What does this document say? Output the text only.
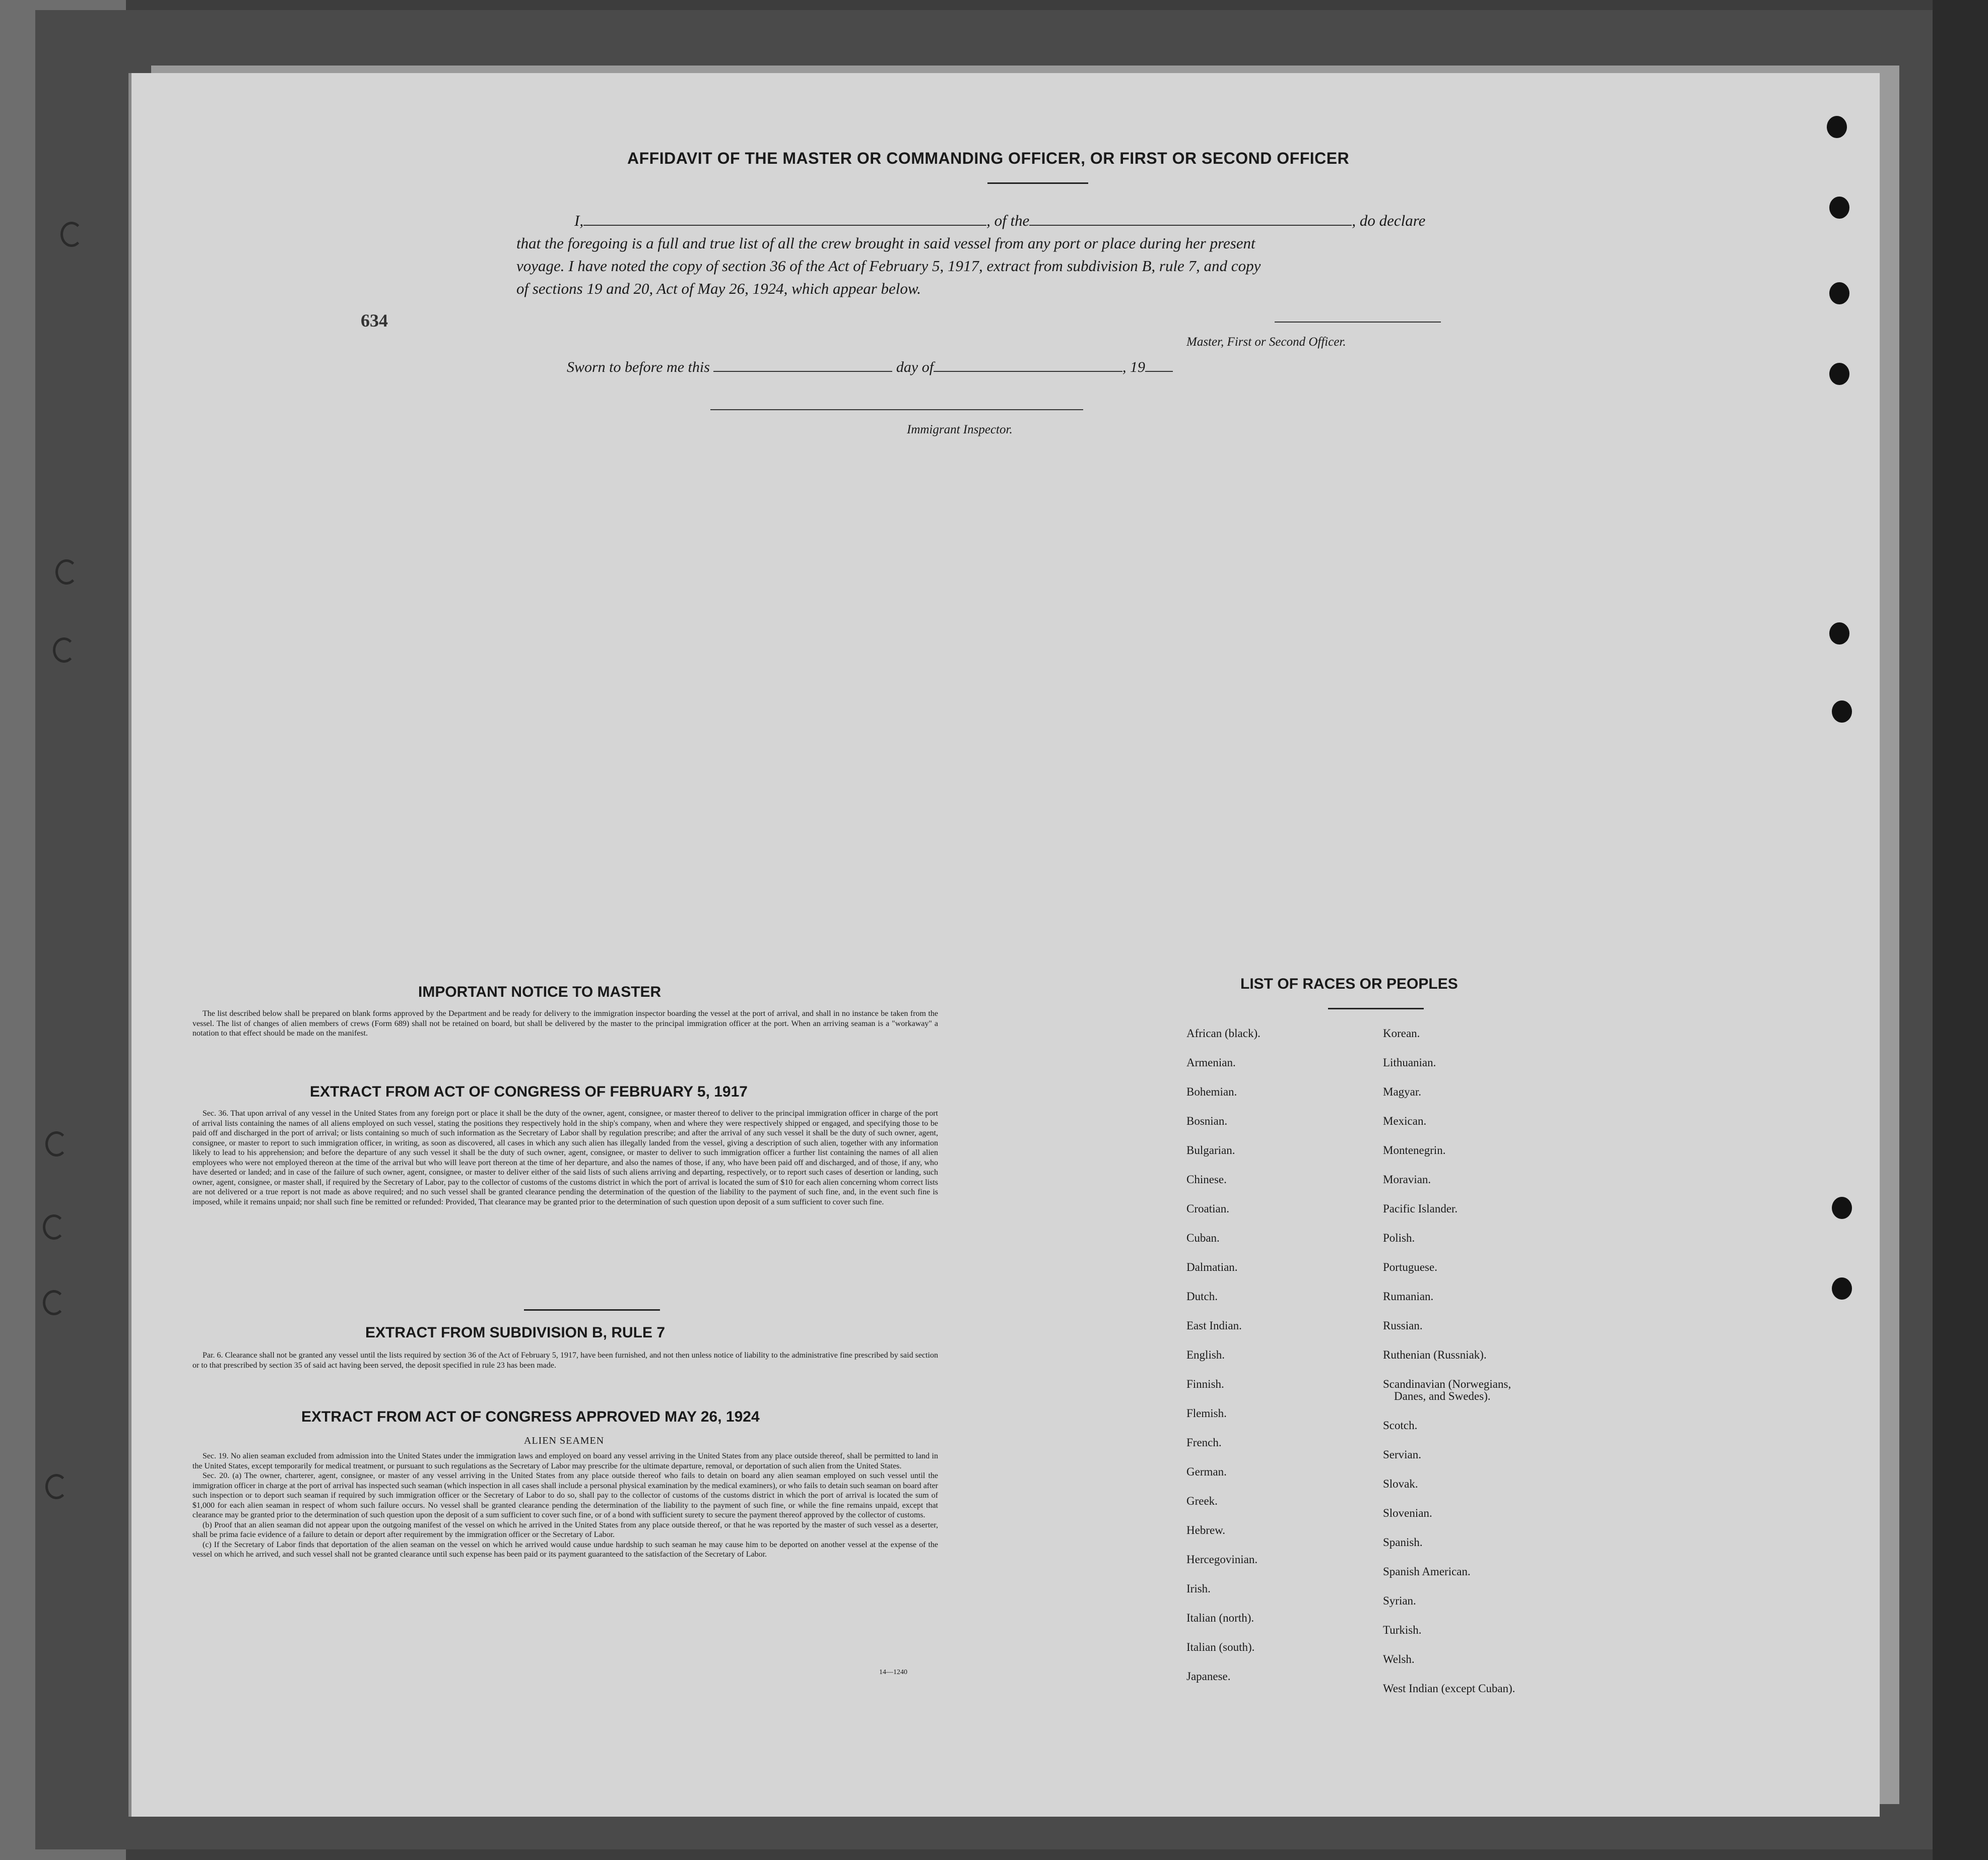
634
AFFIDAVIT OF THE MASTER OR COMMANDING OFFICER, OR FIRST OR SECOND OFFICER
I,	, of the	, do declare
that the foregoing is a full and true list of all the crew brought in said vessel from any port or place during her present
voyage. I have noted the copy of section 36 of the Act of February 5, 1917, extract from subdivision B, rule 7, and copy
of sections 19 and 20, Act of May 26, 1924, which appear below.
Master, First or Second Officer.
Sworn to before me this	day of	, 19
Immigrant Inspector.
IMPORTANT NOTICE TO MASTER

The list described below shall be prepared on blank forms approved by the Department and be ready for delivery to the immigration inspector boarding the vessel at the port of arrival, and shall in no instance be taken from the vessel. The list of changes of alien members of crews (Form 689) shall not be retained on board, but shall be delivered by the master to the principal immigration officer at the port. When an arriving seaman is a "workaway" a notation to that effect should be made on the manifest.

EXTRACT FROM ACT OF CONGRESS OF FEBRUARY 5, 1917

Sec. 36. That upon arrival of any vessel in the United States from any foreign port or place it shall be the duty of the owner, agent, consignee, or master thereof to deliver to the principal immigration officer in charge of the port of arrival lists containing the names of all aliens employed on such vessel, stating the positions they respectively hold in the ship's company, when and where they were respectively shipped or engaged, and specifying those to be paid off and discharged in the port of arrival; or lists containing so much of such information as the Secretary of Labor shall by regulation prescribe; and after the arrival of any such vessel it shall be the duty of such owner, agent, consignee, or master to report to such immigration officer, in writing, as soon as discovered, all cases in which any such alien has illegally landed from the vessel, giving a description of such alien, together with any information likely to lead to his apprehension; and before the departure of any such vessel it shall be the duty of such owner, agent, consignee, or master to deliver to such immigration officer a further list containing the names of all alien employees who were not employed thereon at the time of the arrival but who will leave port thereon at the time of her departure, and also the names of those, if any, who have been paid off and discharged, and of those, if any, who have deserted or landed; and in case of the failure of such owner, agent, consignee, or master to deliver either of the said lists of such aliens arriving and departing, respectively, or to report such cases of desertion or landing, such owner, agent, consignee, or master shall, if required by the Secretary of Labor, pay to the collector of customs of the customs district in which the port of arrival is located the sum of $10 for each alien concerning whom correct lists are not delivered or a true report is not made as above required; and no such vessel shall be granted clearance pending the determination of the question of the liability to the payment of such fine, and, in the event such fine is imposed, while it remains unpaid; nor shall such fine be remitted or refunded: Provided, That clearance may be granted prior to the determination of such question upon deposit of a sum sufficient to cover such fine.

EXTRACT FROM SUBDIVISION B, RULE 7

Par. 6. Clearance shall not be granted any vessel until the lists required by section 36 of the Act of February 5, 1917, have been furnished, and not then unless notice of liability to the administrative fine prescribed by said section or to that prescribed by section 35 of said act having been served, the deposit specified in rule 23 has been made.

EXTRACT FROM ACT OF CONGRESS APPROVED MAY 26, 1924
ALIEN SEAMEN

Sec. 19. No alien seaman excluded from admission into the United States under the immigration laws and employed on board any vessel arriving in the United States from any place outside thereof, shall be permitted to land in the United States, except temporarily for medical treatment, or pursuant to such regulations as the Secretary of Labor may prescribe for the ultimate departure, removal, or deportation of such alien from the United States.

Sec. 20. (a) The owner, charterer, agent, consignee, or master of any vessel arriving in the United States from any place outside thereof who fails to detain on board any alien seaman employed on such vessel until the immigration officer in charge at the port of arrival has inspected such seaman (which inspection in all cases shall include a personal physical examination by the medical examiners), or who fails to detain such seaman on board after such inspection or to deport such seaman if required by such immigration officer or the Secretary of Labor to do so, shall pay to the collector of customs of the customs district in which the port of arrival is located the sum of $1,000 for each alien seaman in respect of whom such failure occurs. No vessel shall be granted clearance pending the determination of the liability to the payment of such fine, or while the fine remains unpaid, except that clearance may be granted prior to the determination of such question upon the deposit of a sum sufficient to cover such fine, or of a bond with sufficient surety to secure the payment thereof approved by the collector of customs.

(b) Proof that an alien seaman did not appear upon the outgoing manifest of the vessel on which he arrived in the United States from any place outside thereof, or that he was reported by the master of such vessel as a deserter, shall be prima facie evidence of a failure to detain or deport after requirement by the immigration officer or the Secretary of Labor.

(c) If the Secretary of Labor finds that deportation of the alien seaman on the vessel on which he arrived would cause undue hardship to such seaman he may cause him to be deported on another vessel at the expense of the vessel on which he arrived, and such vessel shall not be granted clearance until such expense has been paid or its payment guaranteed to the satisfaction of the Secretary of Labor.

14—1240
LIST OF RACES OR PEOPLES
African (black).
Armenian.
Bohemian.
Bosnian.
Bulgarian.
Chinese.
Croatian.
Cuban.
Dalmatian.
Dutch.
East Indian.
English.
Finnish.
Flemish.
French.
German.
Greek.
Hebrew.
Hercegovinian.
Irish.
Italian (north).
Italian (south).
Japanese.
Korean.
Lithuanian.
Magyar.
Mexican.
Montenegrin.
Moravian.
Pacific Islander.
Polish.
Portuguese.
Rumanian.
Russian.
Ruthenian (Russniak).
Scandinavian (Norwegians,
Danes, and Swedes).
Scotch.
Servian.
Slovak.
Slovenian.
Spanish.
Spanish American.
Syrian.
Turkish.
Welsh.
West Indian (except Cuban).
